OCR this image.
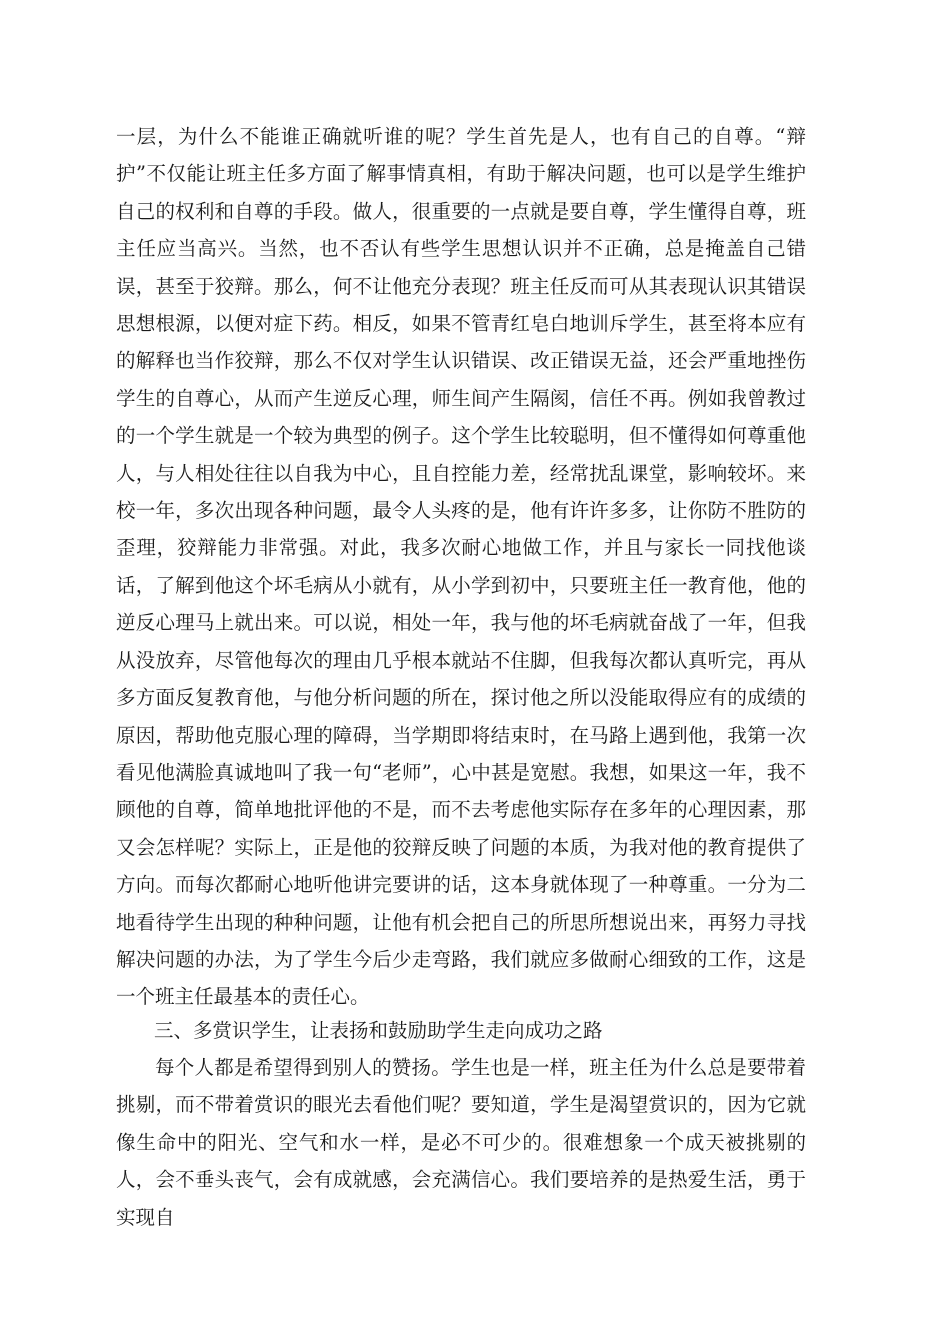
一层，为什么不能谁正确就听谁的呢？学生首先是人，也有自己的自尊。“辩护”不仅能让班主任多方面了解事情真相，有助于解决问题，也可以是学生维护自己的权利和自尊的手段。做人，很重要的一点就是要自尊，学生懂得自尊，班主任应当高兴。当然，也不否认有些学生思想认识并不正确，总是掩盖自己错误，甚至于狡辩。那么，何不让他充分表现？班主任反而可从其表现认识其错误思想根源，以便对症下药。相反，如果不管青红皂白地训斥学生，甚至将本应有的解释也当作狡辩，那么不仅对学生认识错误、改正错误无益，还会严重地挫伤学生的自尊心，从而产生逆反心理，师生间产生隔阂，信任不再。例如我曾教过的一个学生就是一个较为典型的例子。这个学生比较聪明，但不懂得如何尊重他人，与人相处往往以自我为中心，且自控能力差，经常扰乱课堂，影响较坏。来校一年，多次出现各种问题，最令人头疼的是，他有许许多多，让你防不胜防的歪理，狡辩能力非常强。对此，我多次耐心地做工作，并且与家长一同找他谈话，了解到他这个坏毛病从小就有，从小学到初中，只要班主任一教育他，他的逆反心理马上就出来。可以说，相处一年，我与他的坏毛病就奋战了一年，但我从没放弃，尽管他每次的理由几乎根本就站不住脚，但我每次都认真听完，再从多方面反复教育他，与他分析问题的所在，探讨他之所以没能取得应有的成绩的原因，帮助他克服心理的障碍，当学期即将结束时，在马路上遇到他，我第一次看见他满脸真诚地叫了我一句“老师”，心中甚是宽慰。我想，如果这一年，我不顾他的自尊，简单地批评他的不是，而不去考虑他实际存在多年的心理因素，那又会怎样呢？实际上，正是他的狡辩反映了问题的本质，为我对他的教育提供了方向。而每次都耐心地听他讲完要讲的话，这本身就体现了一种尊重。一分为二地看待学生出现的种种问题，让他有机会把自己的所思所想说出来，再努力寻找解决问题的办法，为了学生今后少走弯路，我们就应多做耐心细致的工作，这是一个班主任最基本的责任心。

三、多赏识学生，让表扬和鼓励助学生走向成功之路

每个人都是希望得到别人的赞扬。学生也是一样，班主任为什么总是要带着挑剔，而不带着赏识的眼光去看他们呢？要知道，学生是渴望赏识的，因为它就像生命中的阳光、空气和水一样，是必不可少的。很难想象一个成天被挑剔的人，会不垂头丧气，会有成就感，会充满信心。我们要培养的是热爱生活，勇于实现自
